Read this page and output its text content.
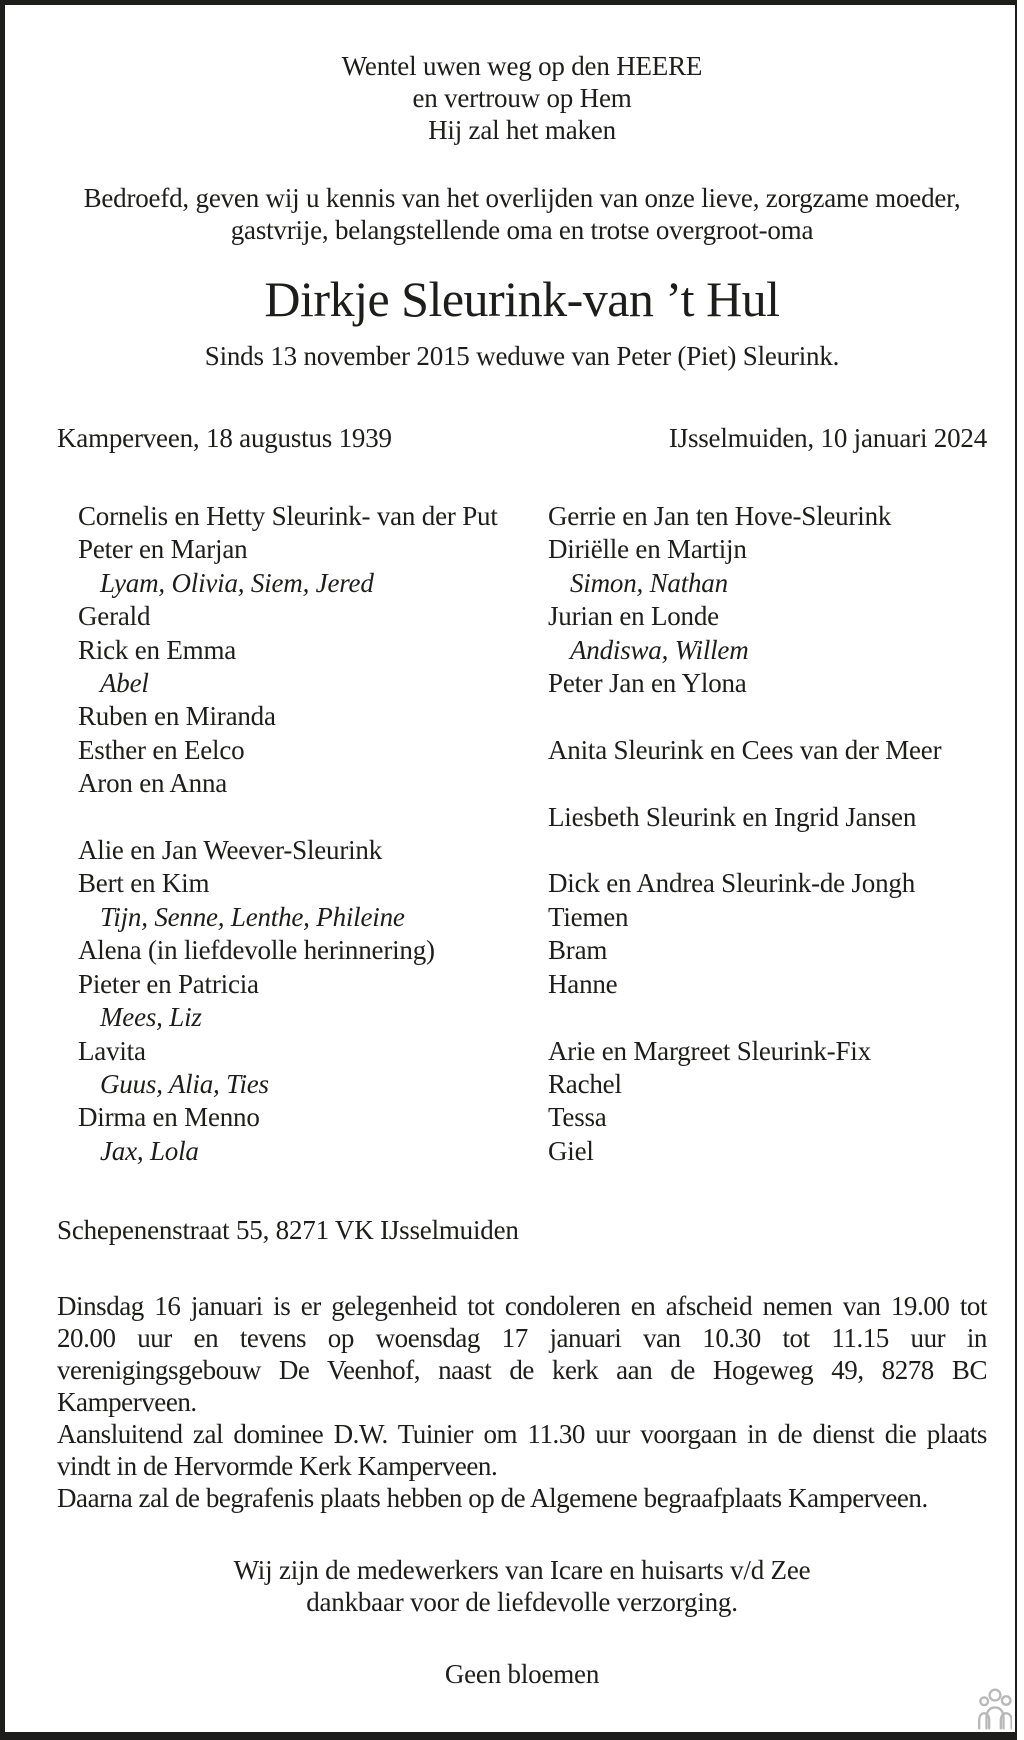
Wentel uwen weg op den HEERE
en vertrouw op Hem
Hij zal het maken
Bedroefd, geven wij u kennis van het overlijden van onze lieve, zorgzame moeder,
gastvrije, belangstellende oma en trotse overgroot-oma
Dirkje Sleurink-van ’t Hul
Sinds 13 november 2015 weduwe van Peter (Piet) Sleurink.
Kamperveen, 18 augustus 1939	IJsselmuiden, 10 januari 2024
Cornelis en Hetty Sleurink- van der Put
Peter en Marjan
Lyam, Olivia, Siem, Jered
Gerald
Rick en Emma
Abel
Ruben en Miranda
Esther en Eelco
Aron en Anna

Alie en Jan Weever-Sleurink
Bert en Kim
Tijn, Senne, Lenthe, Phileine
Alena (in liefdevolle herinnering)
Pieter en Patricia
Mees, Liz
Lavita
Guus, Alia, Ties
Dirma en Menno
Jax, Lola
Gerrie en Jan ten Hove-Sleurink
Diriëlle en Martijn
Simon, Nathan
Jurian en Londe
Andiswa, Willem
Peter Jan en Ylona

Anita Sleurink en Cees van der Meer

Liesbeth Sleurink en Ingrid Jansen

Dick en Andrea Sleurink-de Jongh
Tiemen
Bram
Hanne

Arie en Margreet Sleurink-Fix
Rachel
Tessa
Giel
Schepenenstraat 55, 8271 VK IJsselmuiden

Dinsdag 16 januari is er gelegenheid tot condoleren en afscheid nemen van 19.00 tot 20.00 uur en tevens op woensdag 17 januari van 10.30 tot 11.15 uur in verenigingsgebouw De Veenhof, naast de kerk aan de Hogeweg 49, 8278 BC Kamperveen.

Aansluitend zal dominee D.W. Tuinier om 11.30 uur voorgaan in de dienst die plaats vindt in de Hervormde Kerk Kamperveen.

Daarna zal de begrafenis plaats hebben op de Algemene begraafplaats Kamperveen.

Wij zijn de medewerkers van Icare en huisarts v/d Zee
dankbaar voor de liefdevolle verzorging.
Geen bloemen
